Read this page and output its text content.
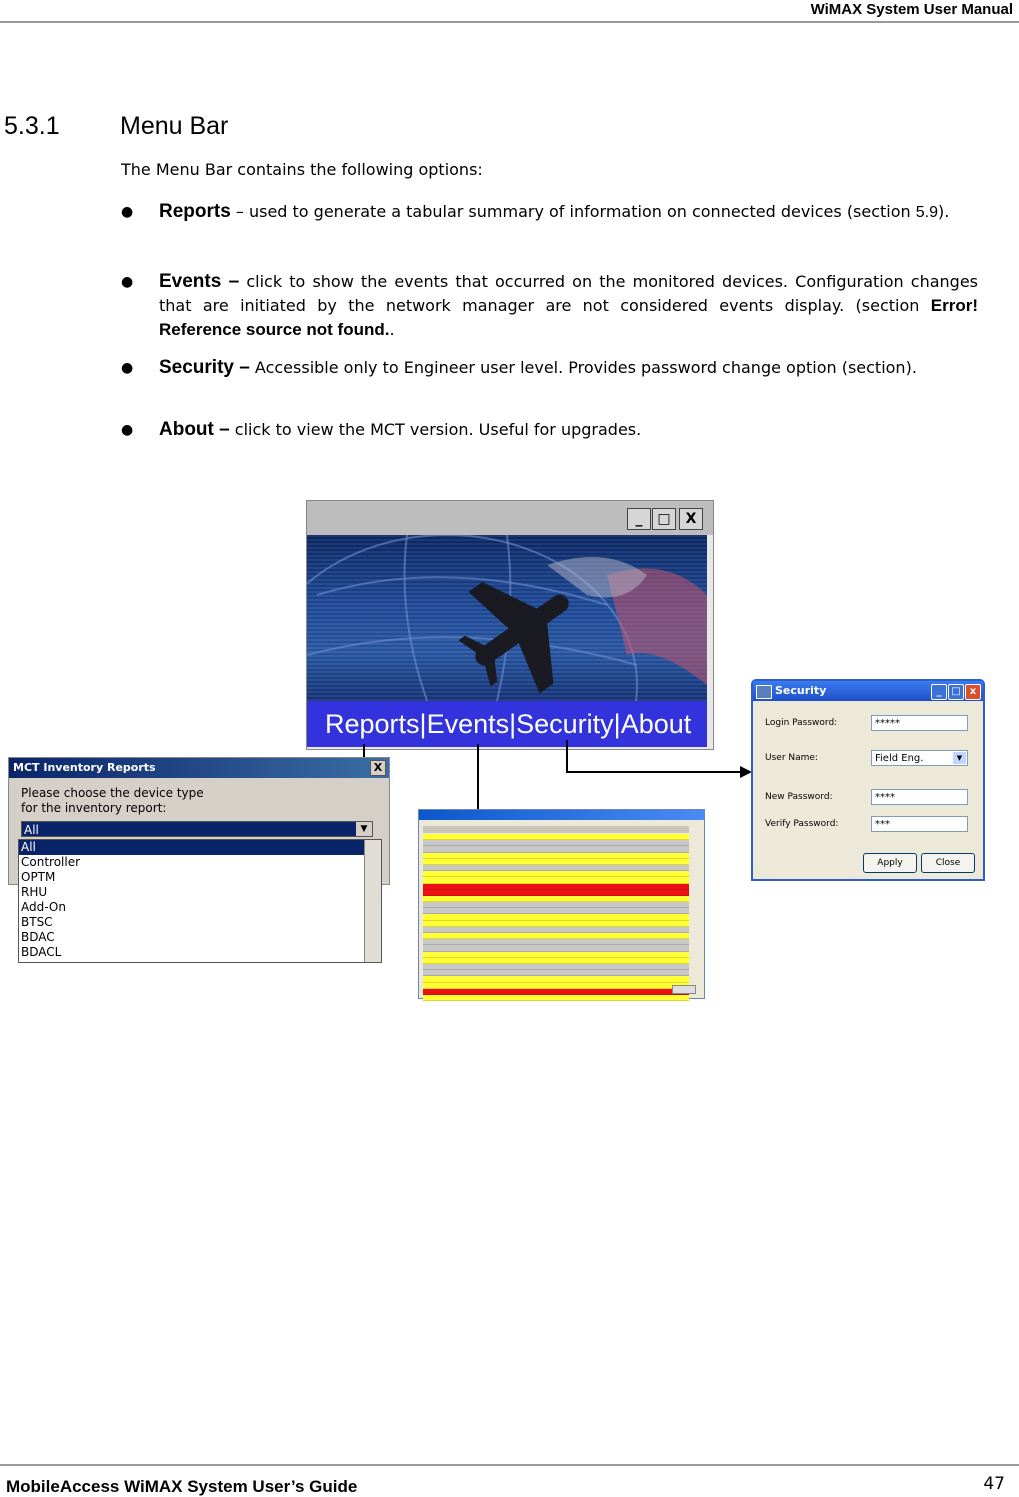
WiMAX System User Manual
5.3.1 Menu Bar
The Menu Bar contains the following options:
● Reports – used to generate a tabular summary of information on connected devices (section 5.9).
● Events – click to show the events that occurred on the monitored devices. Configuration changes that are initiated by the network manager are not considered events display. (section Error! Reference source not found..
● Security – Accessible only to Engineer user level. Provides password change option (section).
● About – click to view the MCT version. Useful for upgrades.
_	□	X
Reports|Events|Security|About
MCT Inventory Reports	X
Please choose the device type
for the inventory report:
All	▼
All
Controller
OPTM
RHU
Add-On
BTSC
BDAC
BDACL
Security	_ □ x
Login Password:	*****
User Name:	Field Eng.	▼
New Password:	****
Verify Password:	***
Apply	Close
MobileAccess WiMAX System User’s Guide	47
